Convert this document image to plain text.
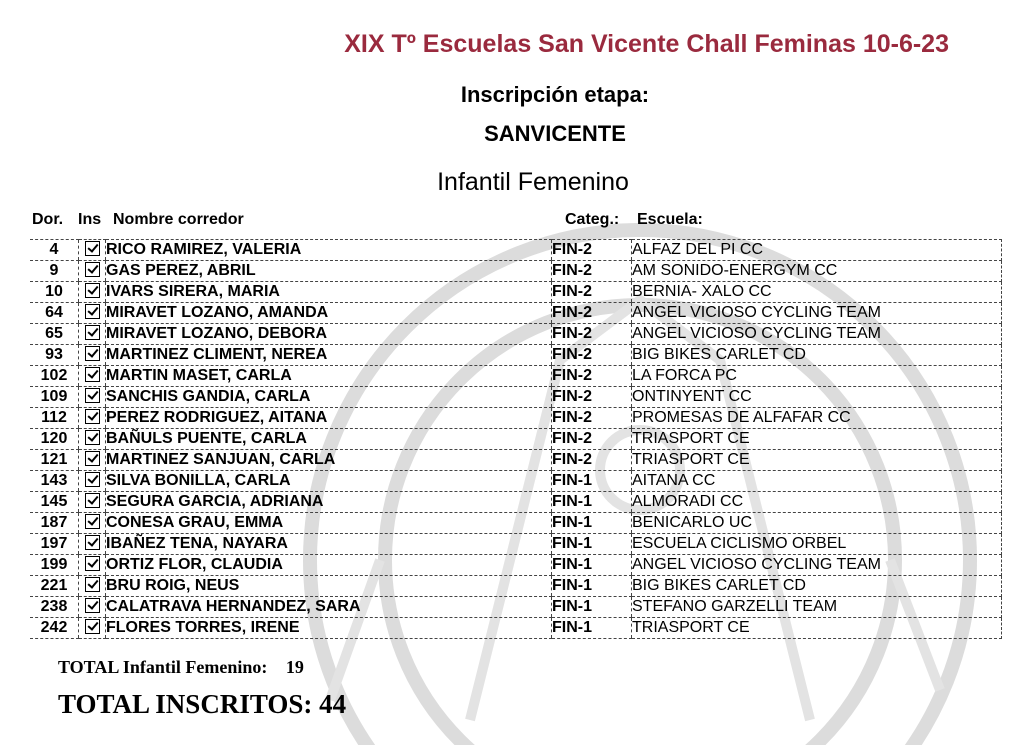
XIX Tº Escuelas San Vicente Chall Feminas 10-6-23
Inscripción etapa:
SANVICENTE
Infantil Femenino
Dor. Ins Nombre corredor	Categ.: Escuela:
4		RICO RAMIREZ, VALERIA	FIN-2	ALFAZ DEL PI CC
9		GAS PEREZ, ABRIL	FIN-2	AM SONIDO-ENERGYM CC
10		IVARS SIRERA, MARIA	FIN-2	BERNIA- XALO CC
64		MIRAVET LOZANO, AMANDA	FIN-2	ANGEL VICIOSO CYCLING TEAM
65		MIRAVET LOZANO, DEBORA	FIN-2	ANGEL VICIOSO CYCLING TEAM
93		MARTINEZ CLIMENT, NEREA	FIN-2	BIG BIKES CARLET CD
102		MARTIN MASET, CARLA	FIN-2	LA FORCA PC
109		SANCHIS GANDIA, CARLA	FIN-2	ONTINYENT CC
112		PEREZ RODRIGUEZ, AITANA	FIN-2	PROMESAS DE ALFAFAR CC
120		BAÑULS PUENTE, CARLA	FIN-2	TRIASPORT CE
121		MARTINEZ SANJUAN, CARLA	FIN-2	TRIASPORT CE
143		SILVA BONILLA, CARLA	FIN-1	AITANA CC
145		SEGURA GARCIA, ADRIANA	FIN-1	ALMORADI CC
187		CONESA GRAU, EMMA	FIN-1	BENICARLO UC
197		IBAÑEZ TENA, NAYARA	FIN-1	ESCUELA CICLISMO ORBEL
199		ORTIZ FLOR, CLAUDIA	FIN-1	ANGEL VICIOSO CYCLING TEAM
221		BRU ROIG, NEUS	FIN-1	BIG BIKES CARLET CD
238		CALATRAVA HERNANDEZ, SARA	FIN-1	STEFANO GARZELLI TEAM
242		FLORES TORRES, IRENE	FIN-1	TRIASPORT CE
TOTAL Infantil Femenino: 19
TOTAL INSCRITOS: 44
